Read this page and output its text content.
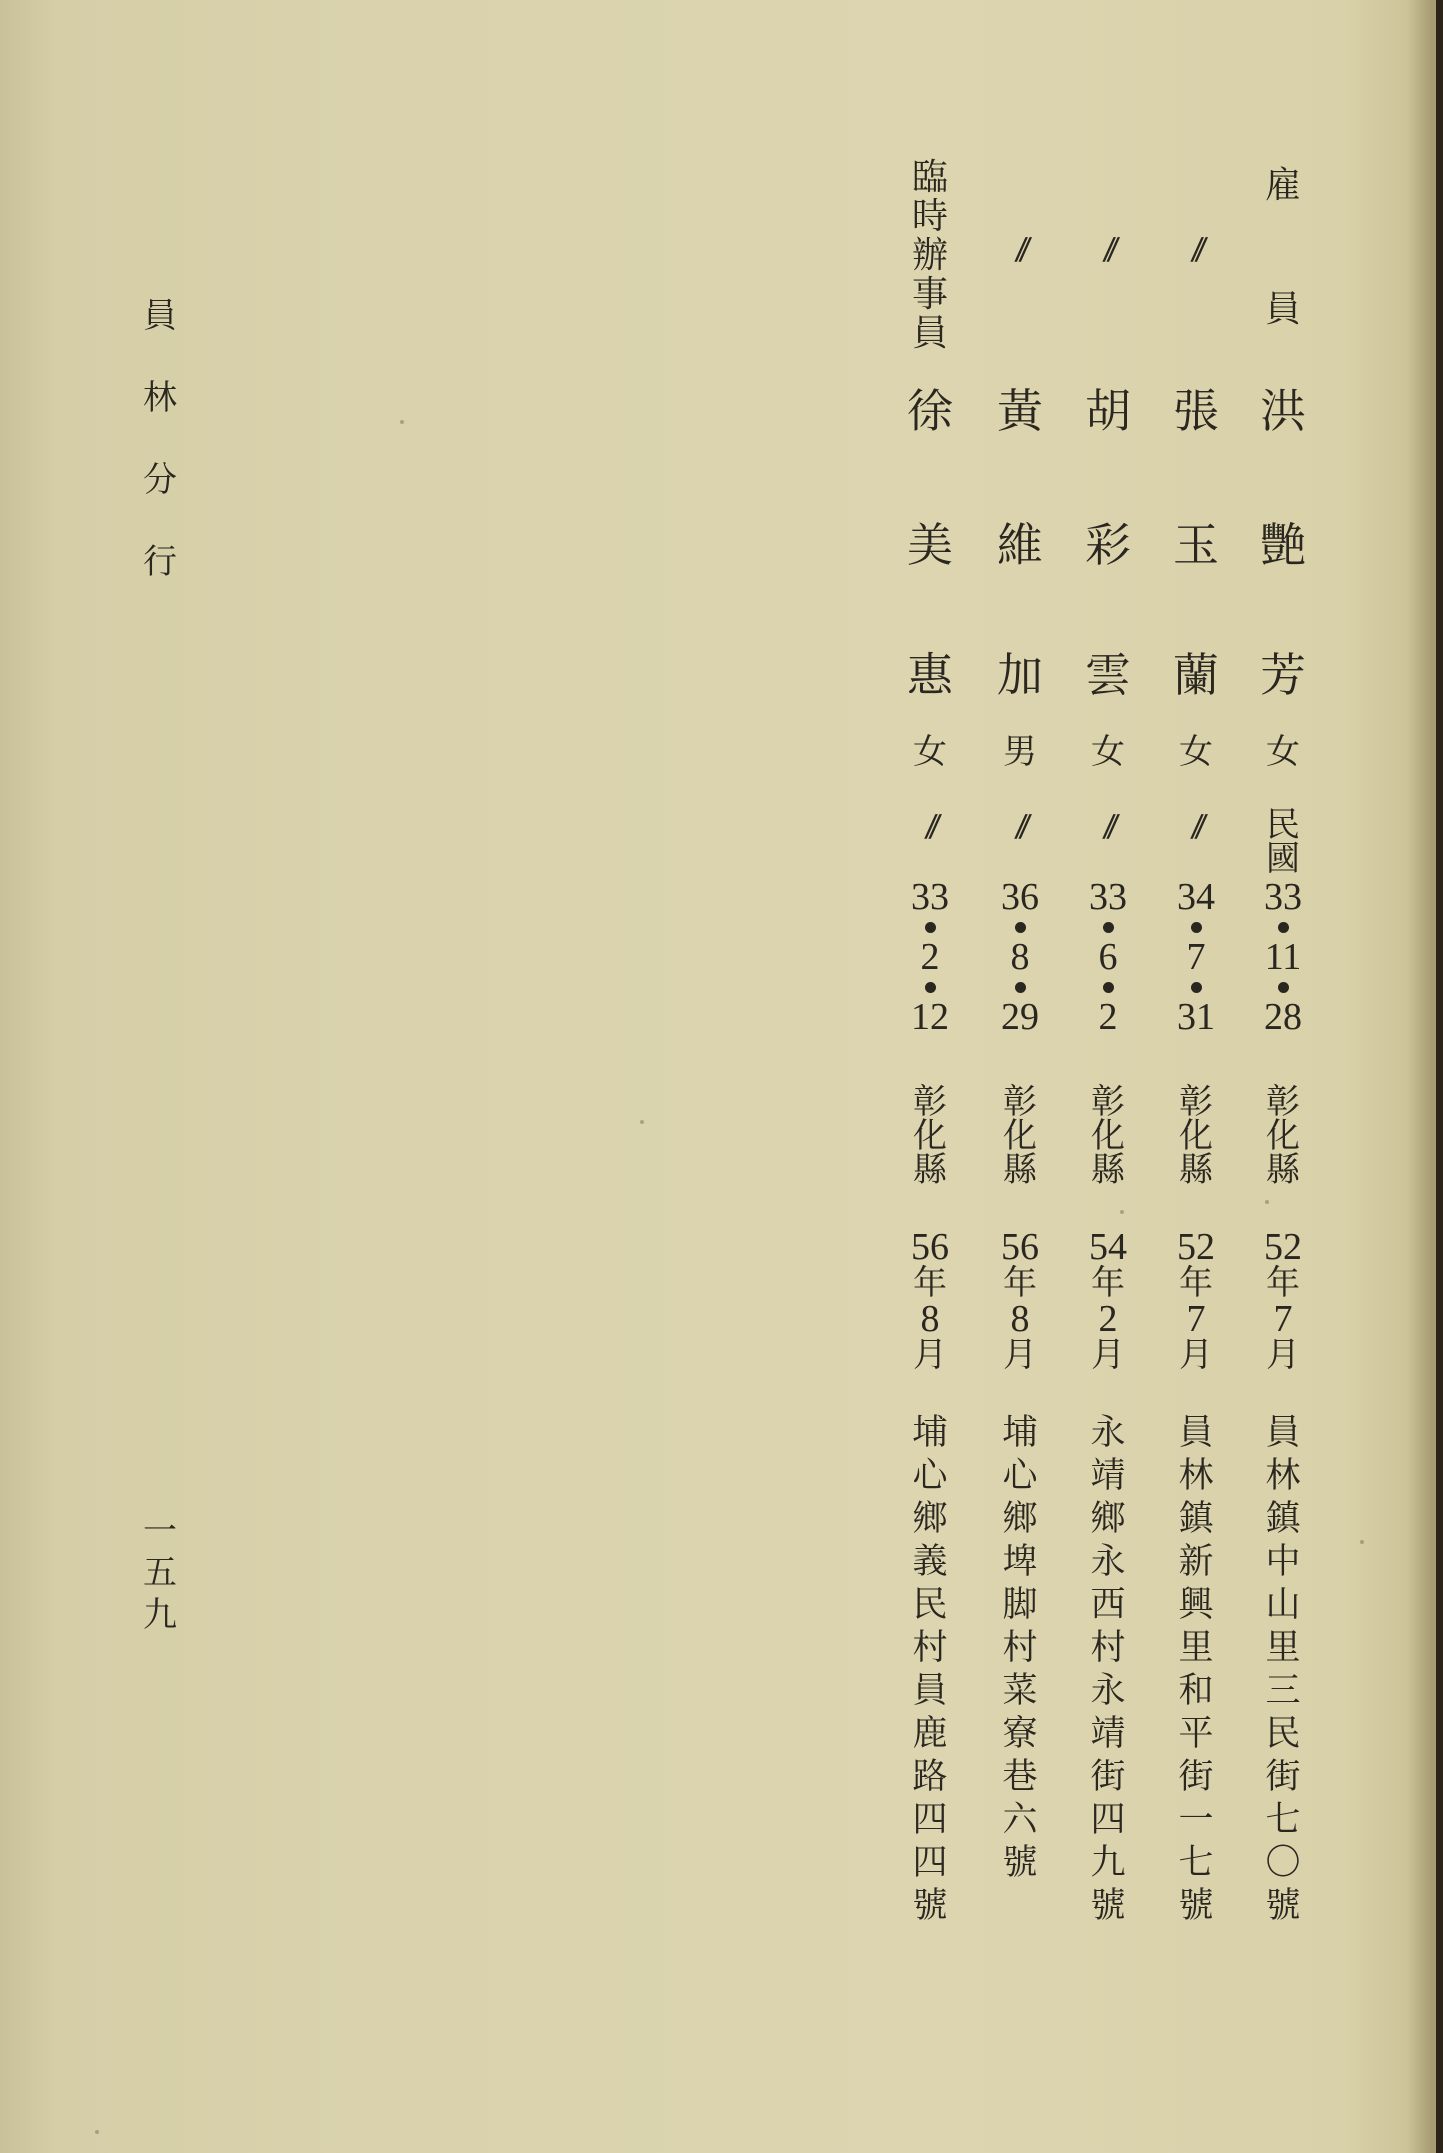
員
林
分
行
一
五
九
雇
員
洪
艷
芳
女
民
國
33
11
28
彰
化
縣
52
年
7
月
員
林
鎮
中
山
里
三
民
街
七
〇
號
//
張
玉
蘭
女
//
34
7
31
彰
化
縣
52
年
7
月
員
林
鎮
新
興
里
和
平
街
一
七
號
//
胡
彩
雲
女
//
33
6
2
彰
化
縣
54
年
2
月
永
靖
鄉
永
西
村
永
靖
街
四
九
號
//
黃
維
加
男
//
36
8
29
彰
化
縣
56
年
8
月
埔
心
鄉
埤
脚
村
菜
寮
巷
六
號
臨
時
辦
事
員
徐
美
惠
女
//
33
2
12
彰
化
縣
56
年
8
月
埔
心
鄉
義
民
村
員
鹿
路
四
四
號
